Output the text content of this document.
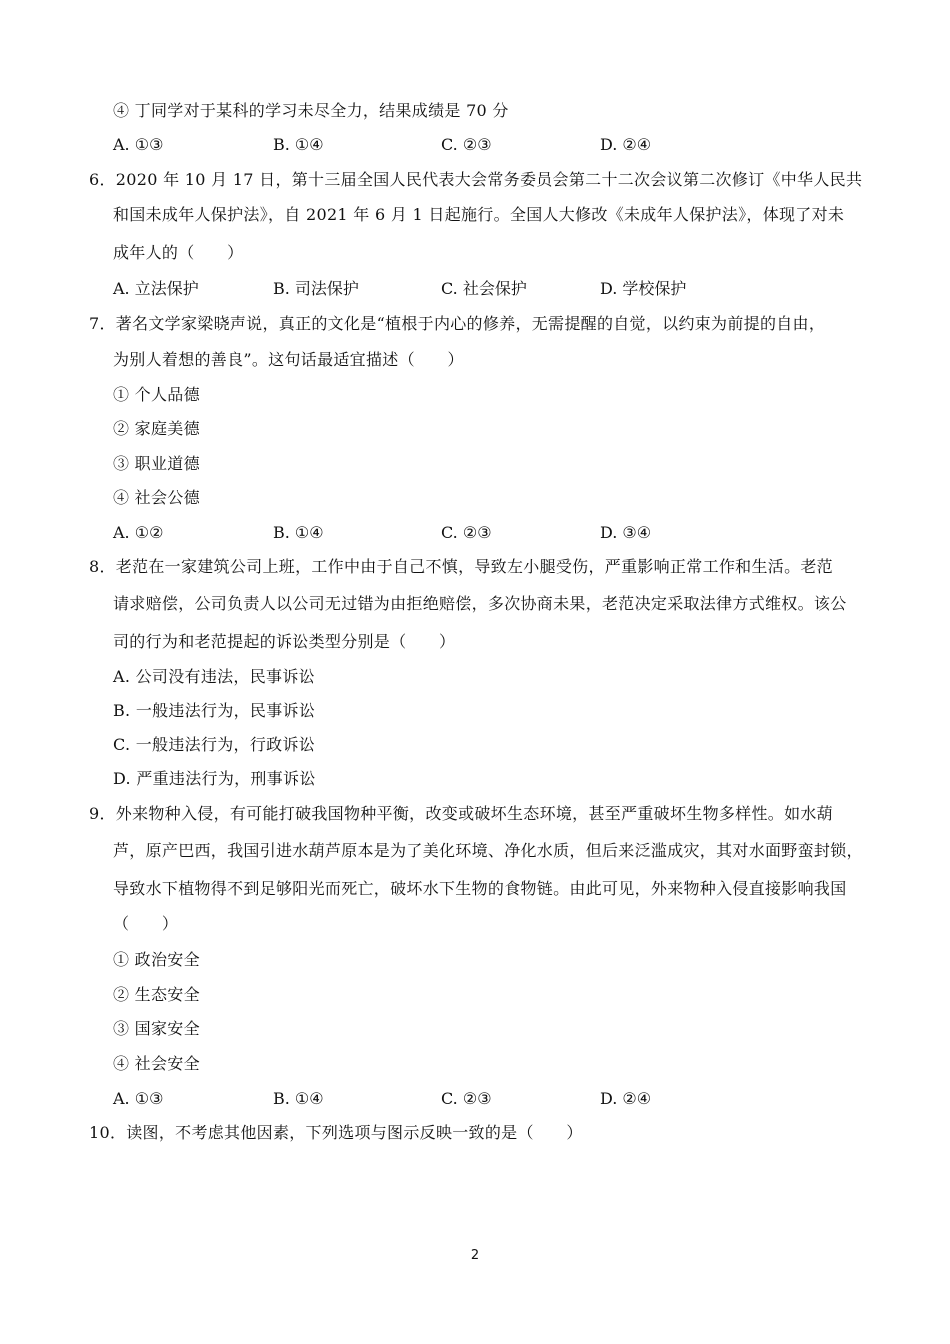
④ 丁同学对于某科的学习未尽全力，结果成绩是 70 分
A. ①③	B. ①④	C. ②③	D. ②④
6．2020 年 10 月 17 日，第十三届全国人民代表大会常务委员会第二十二次会议第二次修订《中华人民共
和国未成年人保护法》，自 2021 年 6 月 1 日起施行。全国人大修改《未成年人保护法》，体现了对未
成年人的（　　）
A. 立法保护	B. 司法保护	C. 社会保护	D. 学校保护
7．著名文学家梁晓声说，真正的文化是“植根于内心的修养，无需提醒的自觉，以约束为前提的自由，
为别人着想的善良”。这句话最适宜描述（　　）
① 个人品德
② 家庭美德
③ 职业道德
④ 社会公德
A. ①②	B. ①④	C. ②③	D. ③④
8．老范在一家建筑公司上班，工作中由于自己不慎，导致左小腿受伤，严重影响正常工作和生活。老范
请求赔偿，公司负责人以公司无过错为由拒绝赔偿，多次协商未果，老范决定采取法律方式维权。该公
司的行为和老范提起的诉讼类型分别是（　　）
A. 公司没有违法，民事诉讼
B. 一般违法行为，民事诉讼
C. 一般违法行为，行政诉讼
D. 严重违法行为，刑事诉讼
9．外来物种入侵，有可能打破我国物种平衡，改变或破坏生态环境，甚至严重破坏生物多样性。如水葫
芦，原产巴西，我国引进水葫芦原本是为了美化环境、净化水质，但后来泛滥成灾，其对水面野蛮封锁，
导致水下植物得不到足够阳光而死亡，破坏水下生物的食物链。由此可见，外来物种入侵直接影响我国
（　　）
① 政治安全
② 生态安全
③ 国家安全
④ 社会安全
A. ①③	B. ①④	C. ②③	D. ②④
10．读图，不考虑其他因素，下列选项与图示反映一致的是（　　）
2
